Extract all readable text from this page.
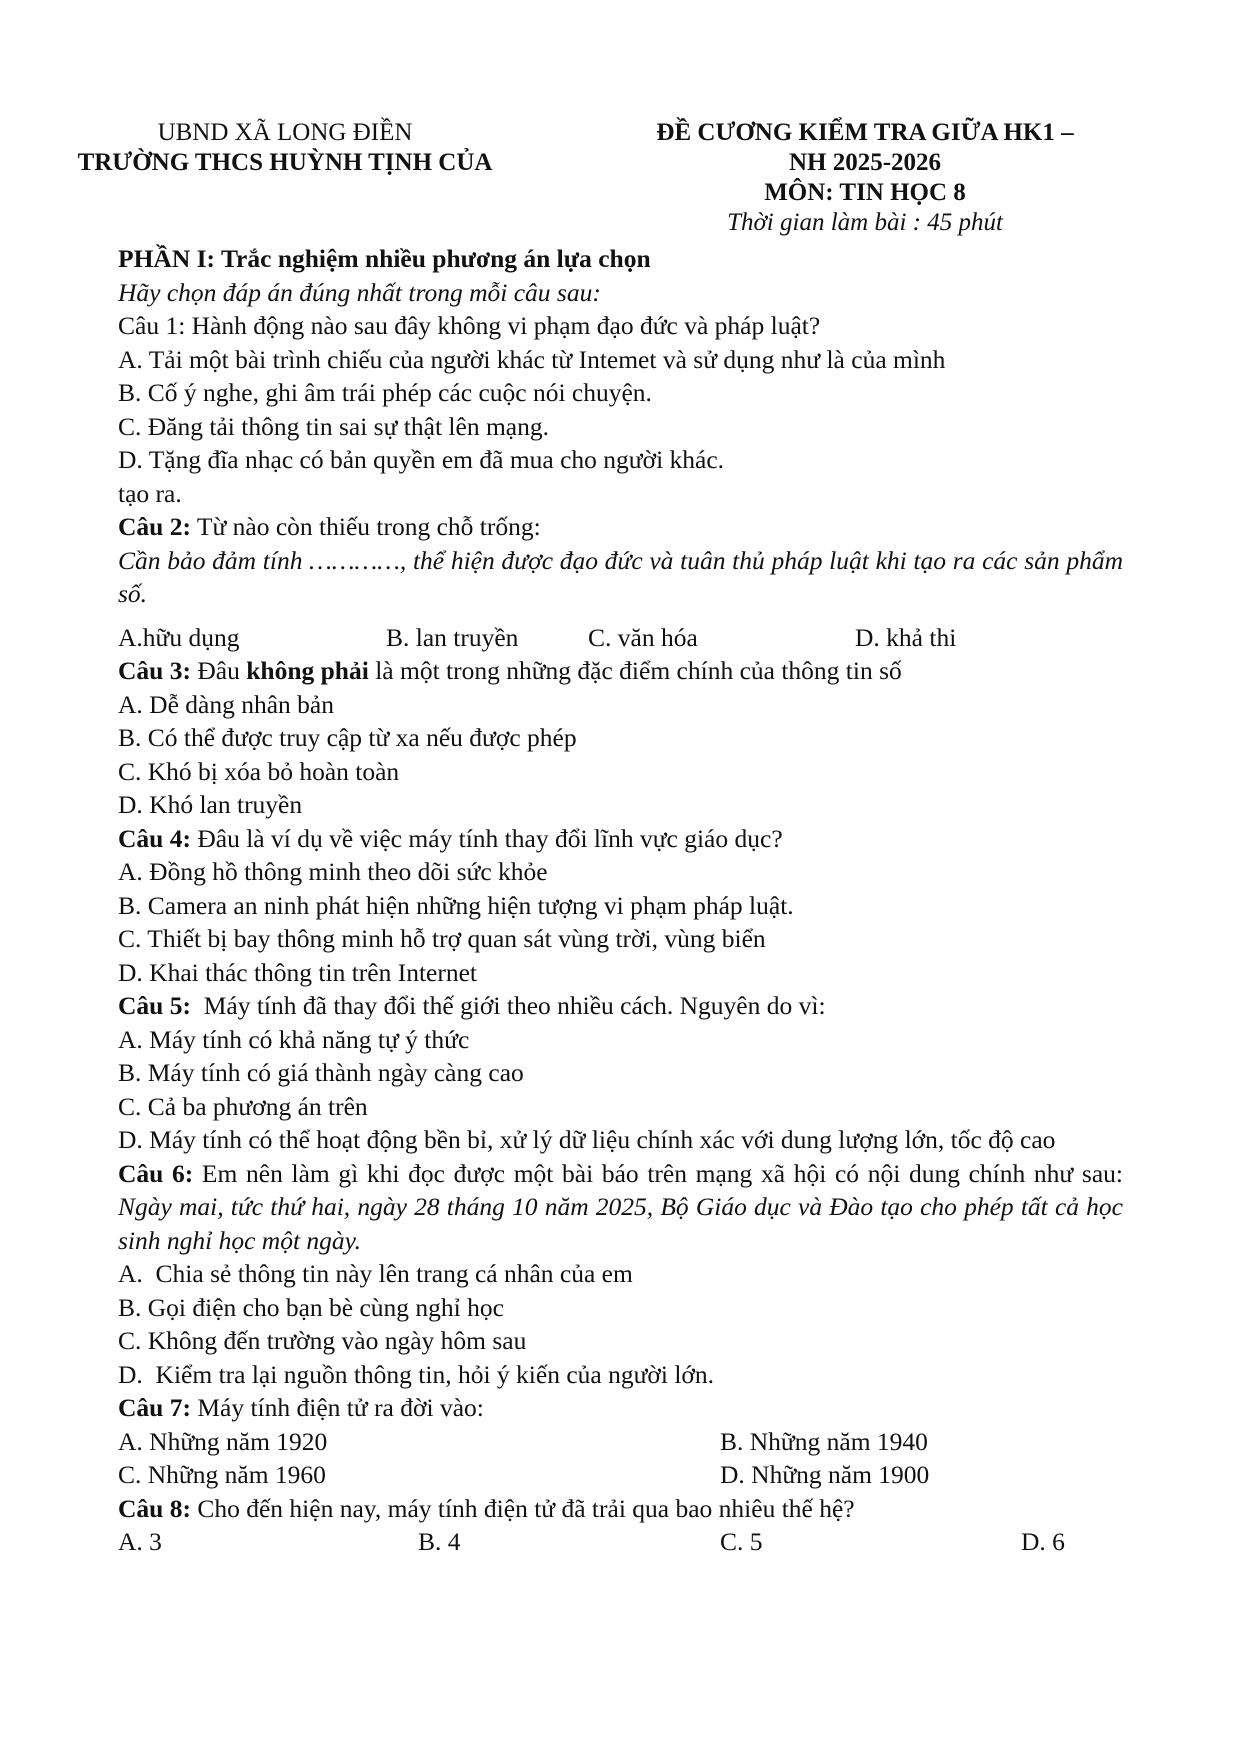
UBND XÃ LONG ĐIỀN
TRƯỜNG THCS HUỲNH TỊNH CỦA
ĐỀ CƯƠNG KIỂM TRA GIỮA HK1 –
NH 2025-2026
MÔN: TIN HỌC 8
Thời gian làm bài : 45 phút
PHẦN I: Trắc nghiệm nhiều phương án lựa chọn
Hãy chọn đáp án đúng nhất trong mỗi câu sau:
Câu 1: Hành động nào sau đây không vi phạm đạo đức và pháp luật?
A. Tải một bài trình chiếu của người khác từ Intemet và sử dụng như là của mình
B. Cố ý nghe, ghi âm trái phép các cuộc nói chuyện.
C. Đăng tải thông tin sai sự thật lên mạng.
D. Tặng đĩa nhạc có bản quyền em đã mua cho người khác.
tạo ra.
Câu 2: Từ nào còn thiếu trong chỗ trống:
Cần bảo đảm tính …………, thể hiện được đạo đức và tuân thủ pháp luật khi tạo ra các sản phẩm số.
A.hữu dụng	B. lan truyền	C. văn hóa	D. khả thi
Câu 3: Đâu không phải là một trong những đặc điểm chính của thông tin số
A. Dễ dàng nhân bản
B. Có thể được truy cập từ xa nếu được phép
C. Khó bị xóa bỏ hoàn toàn
D. Khó lan truyền
Câu 4: Đâu là ví dụ về việc máy tính thay đổi lĩnh vực giáo dục?
A. Đồng hồ thông minh theo dõi sức khỏe
B. Camera an ninh phát hiện những hiện tượng vi phạm pháp luật.
C. Thiết bị bay thông minh hỗ trợ quan sát vùng trời, vùng biển
D. Khai thác thông tin trên Internet
Câu 5:  Máy tính đã thay đổi thế giới theo nhiều cách. Nguyên do vì:
A. Máy tính có khả năng tự ý thức
B. Máy tính có giá thành ngày càng cao
C. Cả ba phương án trên
D. Máy tính có thể hoạt động bền bỉ, xử lý dữ liệu chính xác với dung lượng lớn, tốc độ cao
Câu 6: Em nên làm gì khi đọc được một bài báo trên mạng xã hội có nội dung chính như sau: Ngày mai, tức thứ hai, ngày 28 tháng 10 năm 2025, Bộ Giáo dục và Đào tạo cho phép tất cả học sinh nghỉ học một ngày.
A.  Chia sẻ thông tin này lên trang cá nhân của em
B. Gọi điện cho bạn bè cùng nghỉ học
C. Không đến trường vào ngày hôm sau
D.  Kiểm tra lại nguồn thông tin, hỏi ý kiến của người lớn.
Câu 7: Máy tính điện tử ra đời vào:
A. Những năm 1920	B. Những năm 1940
C. Những năm 1960	D. Những năm 1900
Câu 8: Cho đến hiện nay, máy tính điện tử đã trải qua bao nhiêu thế hệ?
A. 3	B. 4	C. 5	D. 6
